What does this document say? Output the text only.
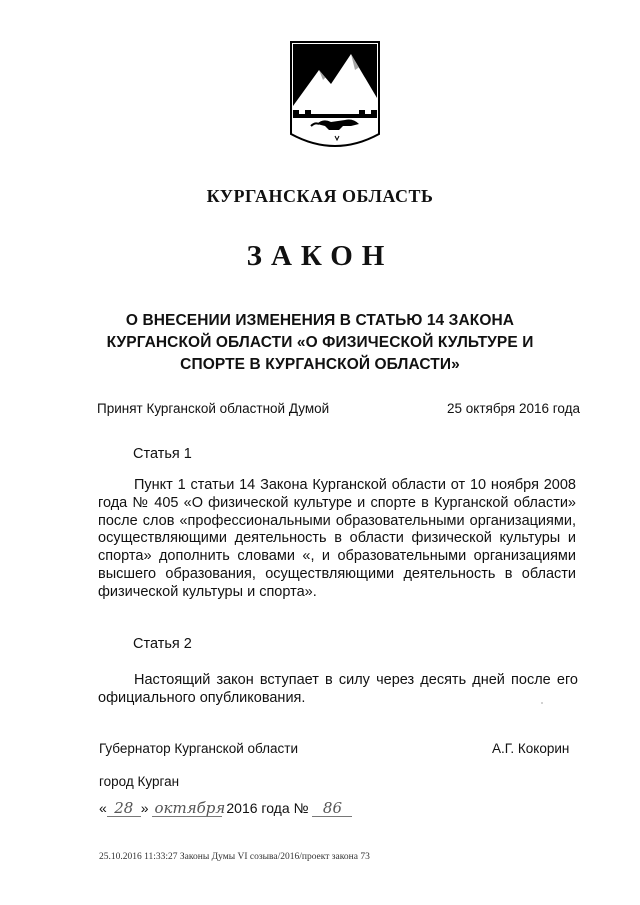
КУРГАНСКАЯ ОБЛАСТЬ
ЗАКОН
О ВНЕСЕНИИ ИЗМЕНЕНИЯ В СТАТЬЮ 14 ЗАКОНА
КУРГАНСКОЙ ОБЛАСТИ «О ФИЗИЧЕСКОЙ КУЛЬТУРЕ И
СПОРТЕ В КУРГАНСКОЙ ОБЛАСТИ»
Принят Курганской областной Думой	25 октября 2016 года
Статья 1
Пункт 1 статьи 14 Закона Курганской области от 10 ноября 2008 года № 405 «О физической культуре и спорте в Курганской области» после слов «профессиональными образовательными организациями, осуществляющими деятельность в области физической культуры и спорта» дополнить словами «, и образовательными организациями высшего образования, осуществляющими деятельность в области физической культуры и спорта».
Статья 2
Настоящий закон вступает в силу через десять дней после его официального опубликования.
Губернатор Курганской области	А.Г. Кокорин
город Курган
« 28 » октября 2016 года № 86
25.10.2016 11:33:27 Законы Думы VI созыва/2016/проект закона 73
